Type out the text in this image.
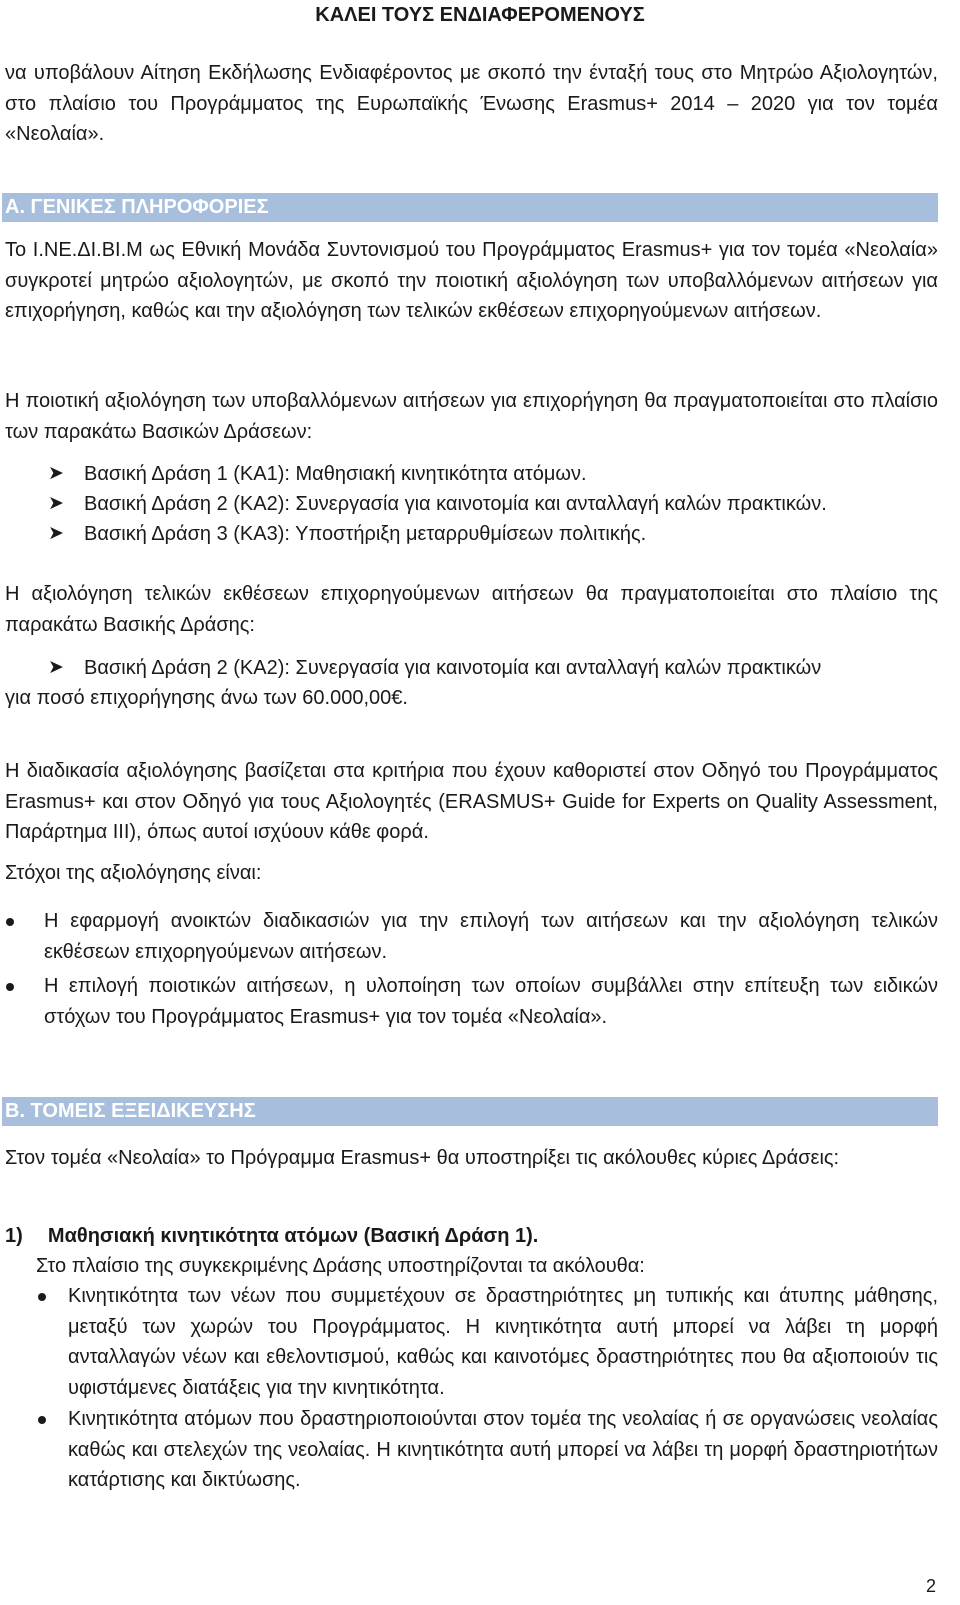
ΚΑΛΕΙ ΤΟΥΣ ΕΝΔΙΑΦΕΡΟΜΕΝΟΥΣ
να υποβάλουν Αίτηση Εκδήλωσης Ενδιαφέροντος με σκοπό την ένταξή τους στο Μητρώο Αξιολογητών, στο πλαίσιο του Προγράμματος της Ευρωπαϊκής Ένωσης Erasmus+ 2014 – 2020 για τον τομέα «Νεολαία».
Α. ΓΕΝΙΚΕΣ ΠΛΗΡΟΦΟΡΙΕΣ
Το Ι.ΝΕ.ΔΙ.ΒΙ.Μ ως Εθνική Μονάδα Συντονισμού του Προγράμματος Erasmus+ για τον τομέα «Νεολαία» συγκροτεί μητρώο αξιολογητών, με σκοπό την ποιοτική αξιολόγηση των υποβαλλόμενων αιτήσεων για επιχορήγηση, καθώς και την αξιολόγηση των τελικών εκθέσεων επιχορηγούμενων αιτήσεων.
Η ποιοτική αξιολόγηση των υποβαλλόμενων αιτήσεων για επιχορήγηση θα πραγματοποιείται στο πλαίσιο των παρακάτω Βασικών Δράσεων:
➤	Βασική Δράση 1 (ΚΑ1): Μαθησιακή κινητικότητα ατόμων.
➤	Βασική Δράση 2 (ΚΑ2): Συνεργασία για καινοτομία και ανταλλαγή καλών πρακτικών.
➤	Βασική Δράση 3 (ΚΑ3): Υποστήριξη μεταρρυθμίσεων πολιτικής.
Η αξιολόγηση τελικών εκθέσεων επιχορηγούμενων αιτήσεων θα πραγματοποιείται στο πλαίσιο της παρακάτω Βασικής Δράσης:
➤	Βασική Δράση 2 (ΚΑ2): Συνεργασία για καινοτομία και ανταλλαγή καλών πρακτικών
για ποσό επιχορήγησης άνω των 60.000,00€.
Η διαδικασία αξιολόγησης βασίζεται στα κριτήρια που έχουν καθοριστεί στον Οδηγό του Προγράμματος Erasmus+ και στον Οδηγό για τους Αξιολογητές (ERASMUS+ Guide for Experts on Quality Assessment, Παράρτημα ΙΙΙ), όπως αυτοί ισχύουν κάθε φορά.
Στόχοι της αξιολόγησης είναι:
Η εφαρμογή ανοικτών διαδικασιών για την επιλογή των αιτήσεων και την αξιολόγηση τελικών εκθέσεων επιχορηγούμενων αιτήσεων.
Η επιλογή ποιοτικών αιτήσεων, η υλοποίηση των οποίων συμβάλλει στην επίτευξη των ειδικών στόχων του Προγράμματος Erasmus+ για τον τομέα «Νεολαία».
Β. ΤΟΜΕΙΣ ΕΞΕΙΔΙΚΕΥΣΗΣ
Στον τομέα «Νεολαία» το Πρόγραμμα Erasmus+ θα υποστηρίξει τις ακόλουθες κύριες Δράσεις:
1) Μαθησιακή κινητικότητα ατόμων (Βασική Δράση 1).
Στο πλαίσιο της συγκεκριμένης Δράσης υποστηρίζονται τα ακόλουθα:
Κινητικότητα των νέων που συμμετέχουν σε δραστηριότητες μη τυπικής και άτυπης μάθησης, μεταξύ των χωρών του Προγράμματος. Η κινητικότητα αυτή μπορεί να λάβει τη μορφή ανταλλαγών νέων και εθελοντισμού, καθώς και καινοτόμες δραστηριότητες που θα αξιοποιούν τις υφιστάμενες διατάξεις για την κινητικότητα.
Κινητικότητα ατόμων που δραστηριοποιούνται στον τομέα της νεολαίας ή σε οργανώσεις νεολαίας καθώς και στελεχών της νεολαίας. Η κινητικότητα αυτή μπορεί να λάβει τη μορφή δραστηριοτήτων κατάρτισης και δικτύωσης.
2
